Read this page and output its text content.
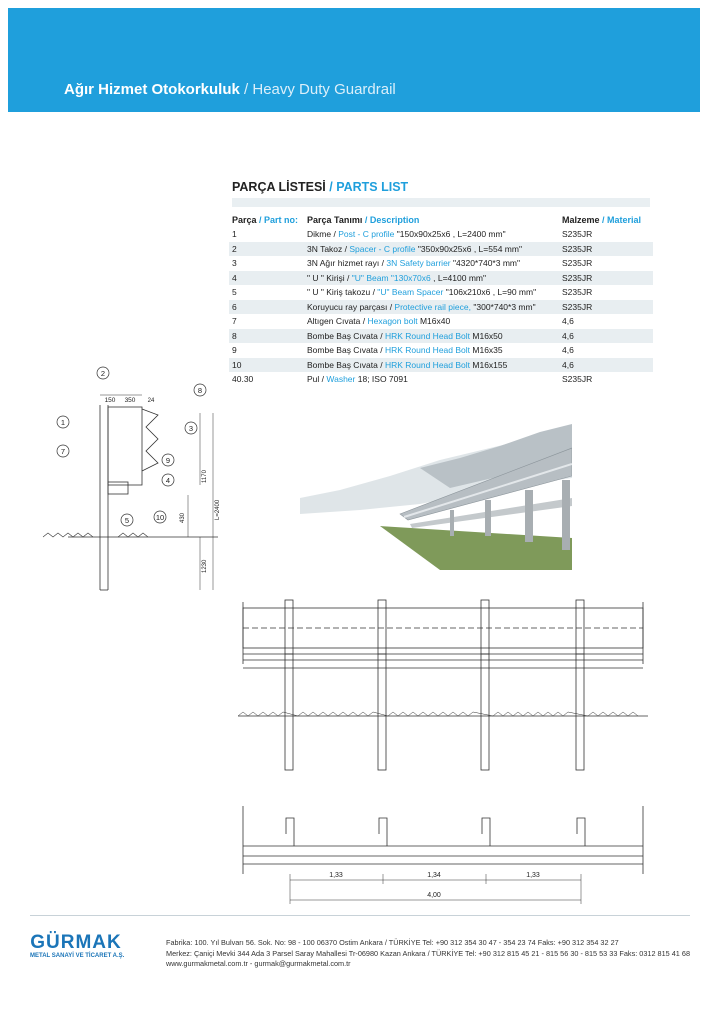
Ağır Hizmet Otokorkuluk / Heavy Duty Guardrail
PARÇA LİSTESİ / PARTS LIST
Parça / Part no:	Parça Tanımı / Description	Malzeme / Material
1	Dikme / Post - C profile "150x90x25x6 , L=2400 mm"	S235JR
2	3N Takoz / Spacer - C profile "350x90x25x6 , L=554 mm"	S235JR
3	3N Ağır hizmet rayı / 3N Safety barrier "4320*740*3 mm"	S235JR
4	" U " Kirişi / "U" Beam "130x70x6 , L=4100 mm"	S235JR
5	" U " Kiriş takozu / "U" Beam Spacer "106x210x6 , L=90 mm"	S235JR
6	Koruyucu ray parçası / Protective rail piece, "300*740*3 mm"	S235JR
7	Altıgen Cıvata / Hexagon bolt M16x40	4,6
8	Bombe Baş Cıvata / HRK Round Head Bolt M16x50	4,6
9	Bombe Baş Cıvata / HRK Round Head Bolt M16x35	4,6
10	Bombe Baş Cıvata / HRK Round Head Bolt M16x155	4,6
40.30	Pul / Washer 18; ISO 7091	S235JR
1
2
3
4
5
7
8
9
10
150 350 24
1170
L=2400
430
1230
1,33	1,34	1,33
4,00
GÜRMAK
METAL SANAYİ VE TİCARET A.Ş.
Fabrika: 100. Yıl Bulvarı 56. Sok. No: 98 - 100 06370 Ostim Ankara / TÜRKİYE Tel: +90 312 354 30 47 - 354 23 74 Faks: +90 312 354 32 27
Merkez: Çaniçi Mevki 344 Ada 3 Parsel Saray Mahallesi Tr-06980 Kazan Ankara / TÜRKİYE Tel: +90 312 815 45 21 - 815 56 30 - 815 53 33 Faks: 0312 815 41 68
www.gurmakmetal.com.tr - gurmak@gurmakmetal.com.tr
